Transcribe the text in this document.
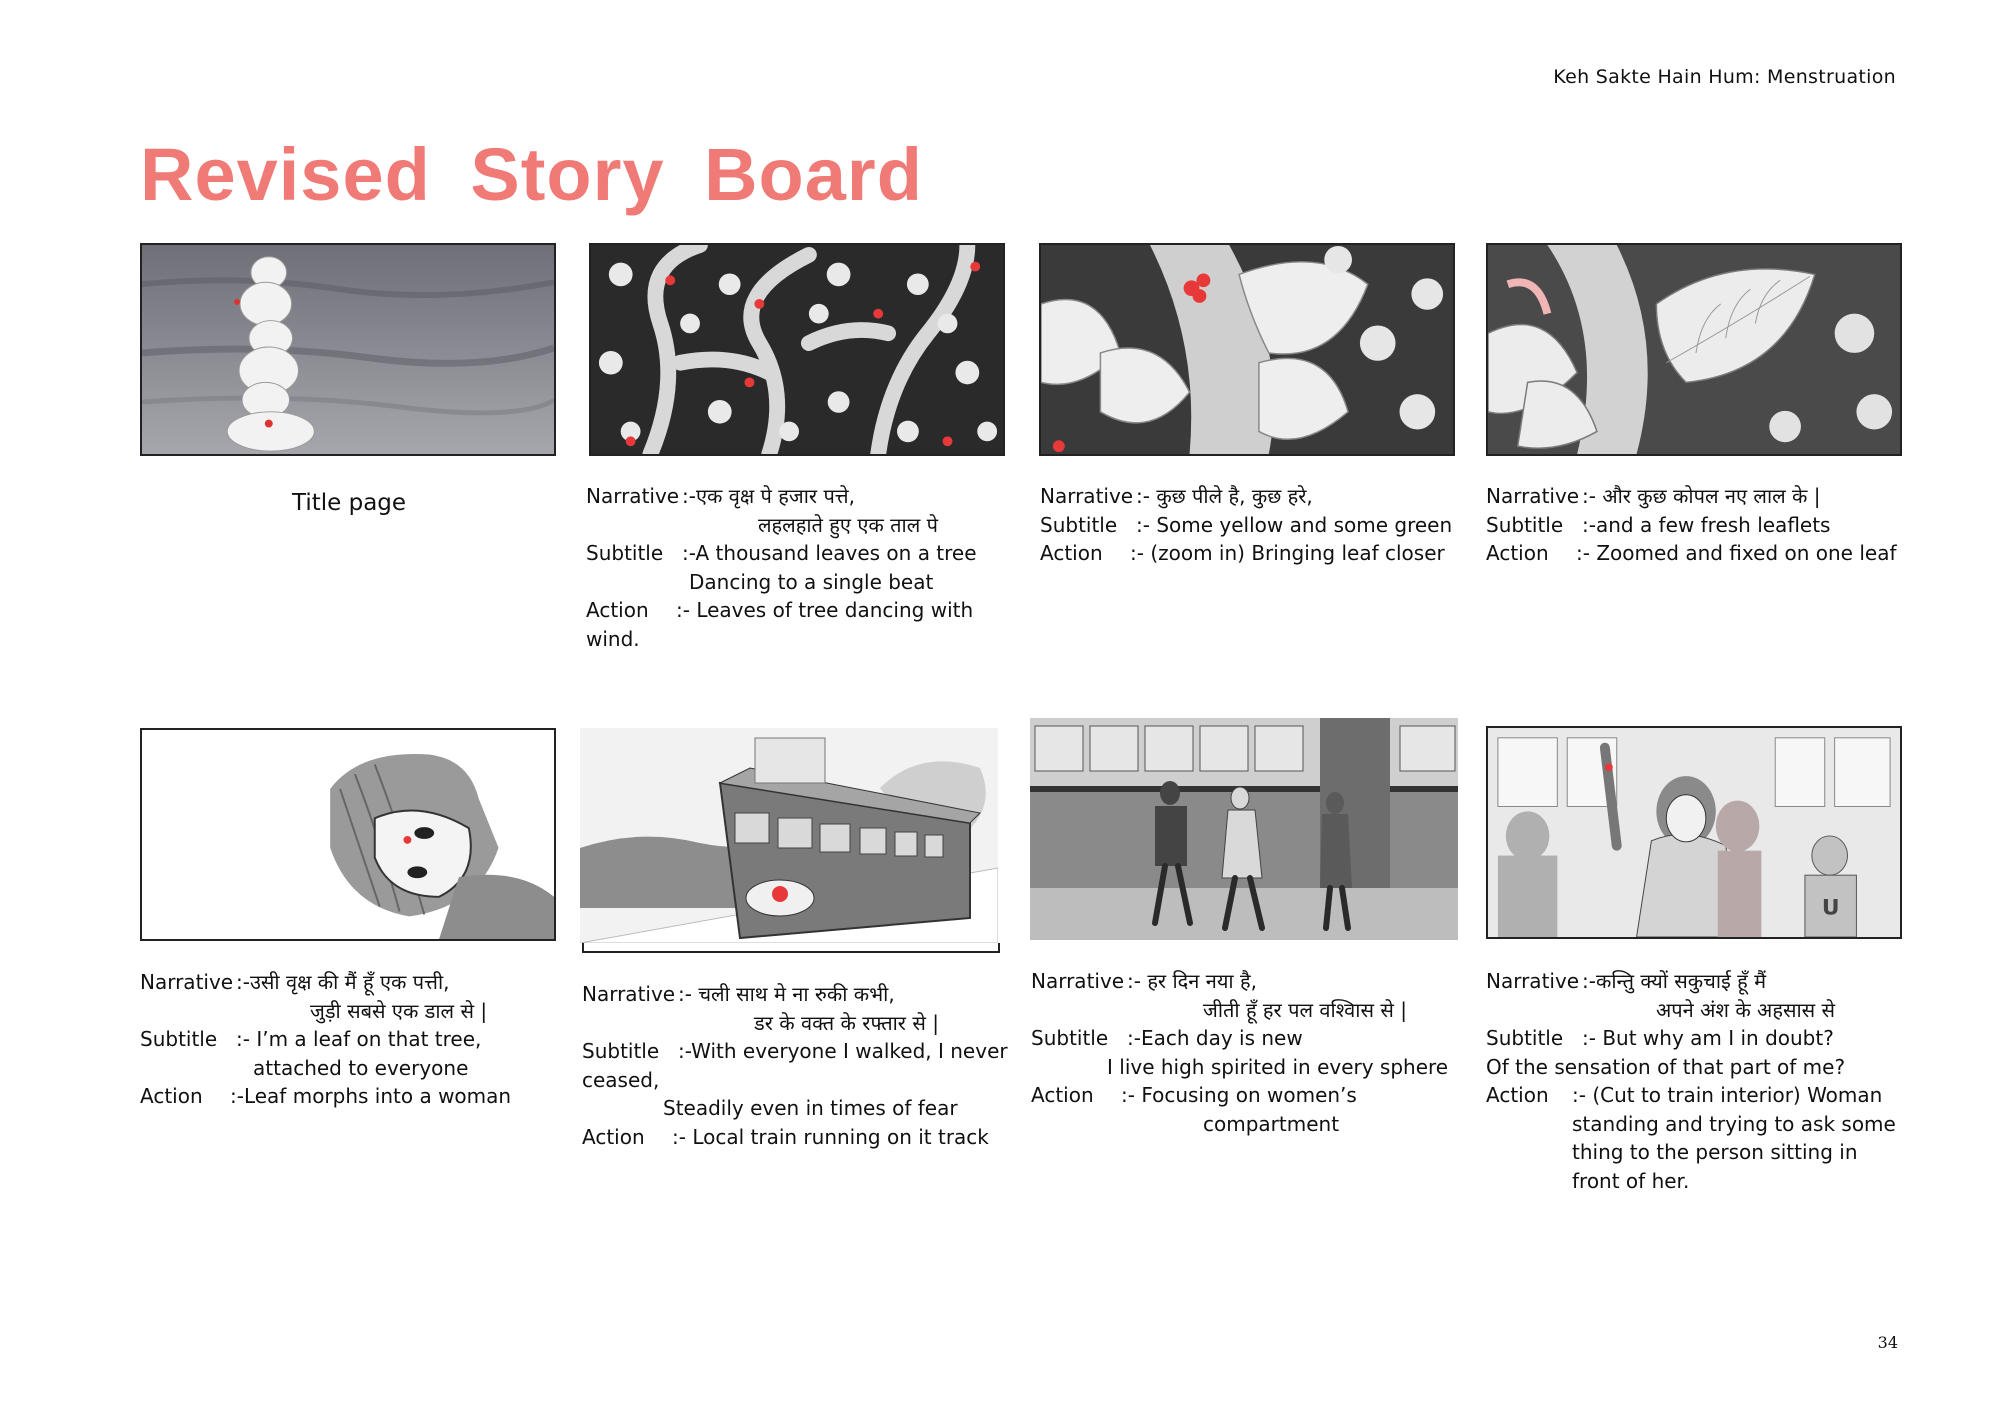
Keh Sakte Hain Hum: Menstruation
Revised Story Board
Title page	Narrative :-एक वृक्ष पे हजार पत्ते,
लहलहाते हुए एक ताल पे
Subtitle :-A thousand leaves on a tree
Dancing to a single beat
Action :- Leaves of tree dancing with
wind.
Narrative :- कुछ पीले है, कुछ हरे,
Subtitle :- Some yellow and some green
Action :- (zoom in) Bringing leaf closer
Narrative :- और कुछ कोपल नए लाल के |
Subtitle :-and a few fresh leaflets
Action :- Zoomed and fixed on one leaf
Narrative :-उसी वृक्ष की मैं हूँ एक पत्ती,
जुड़ी सबसे एक डाल से |
Subtitle :- I’m a leaf on that tree,
attached to everyone
Action :-Leaf morphs into a woman
Narrative :- चली साथ मे ना रुकी कभी,
डर के वक्त के रफ्तार से |
Subtitle :-With everyone I walked, I never
ceased,
Steadily even in times of fear
Action :- Local train running on it track
Narrative :- हर दिन नया है,
जीती हूँ हर पल वश्विास से |
Subtitle :-Each day is new
I live high spirited in every sphere
Action :- Focusing on women’s
compartment
U
Narrative :-कन्तिु क्यों सकुचाई हूँ मैं
अपने अंश के अहसास से
Subtitle :- But why am I in doubt?
Of the sensation of that part of me?
Action :- (Cut to train interior) Woman
standing and trying to ask some
thing to the person sitting in
front of her.
34
